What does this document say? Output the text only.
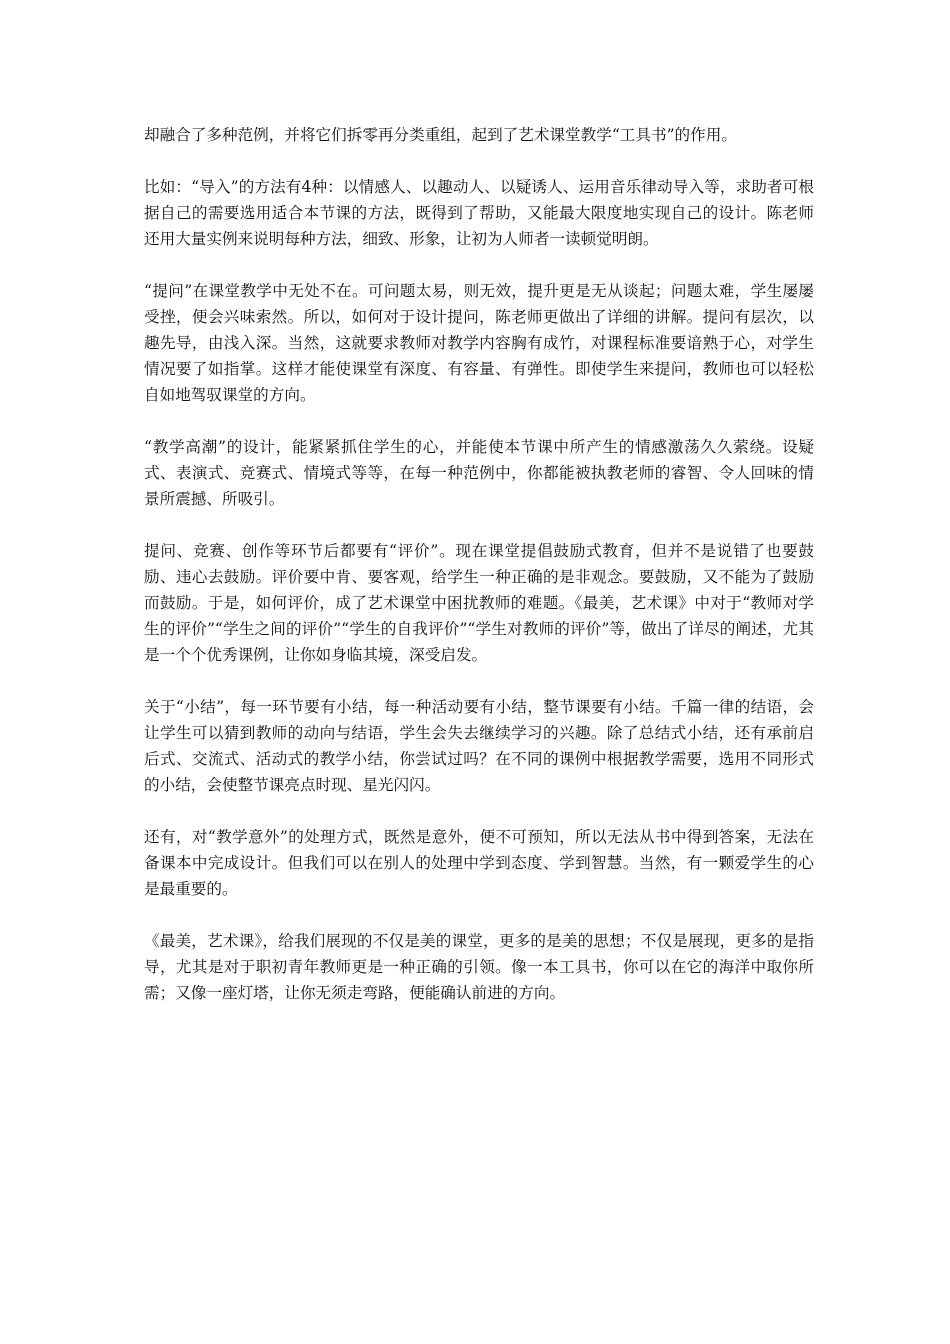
却融合了多种范例，并将它们拆零再分类重组，起到了艺术课堂教学“工具书”的作用。

比如：“导入”的方法有4种：以情感人、以趣动人、以疑诱人、运用音乐律动导入等，求助者可根据自己的需要选用适合本节课的方法，既得到了帮助，又能最大限度地实现自己的设计。陈老师还用大量实例来说明每种方法，细致、形象，让初为人师者一读顿觉明朗。

“提问”在课堂教学中无处不在。可问题太易，则无效，提升更是无从谈起；问题太难，学生屡屡受挫，便会兴味索然。所以，如何对于设计提问，陈老师更做出了详细的讲解。提问有层次，以趣先导，由浅入深。当然，这就要求教师对教学内容胸有成竹，对课程标准要谙熟于心，对学生情况要了如指掌。这样才能使课堂有深度、有容量、有弹性。即使学生来提问，教师也可以轻松自如地驾驭课堂的方向。

“教学高潮”的设计，能紧紧抓住学生的心，并能使本节课中所产生的情感激荡久久萦绕。设疑式、表演式、竞赛式、情境式等等，在每一种范例中，你都能被执教老师的睿智、令人回味的情景所震撼、所吸引。

提问、竞赛、创作等环节后都要有“评价”。现在课堂提倡鼓励式教育，但并不是说错了也要鼓励、违心去鼓励。评价要中肯、要客观，给学生一种正确的是非观念。要鼓励，又不能为了鼓励而鼓励。于是，如何评价，成了艺术课堂中困扰教师的难题。《最美，艺术课》中对于“教师对学生的评价”“学生之间的评价”“学生的自我评价”“学生对教师的评价”等，做出了详尽的阐述，尤其是一个个优秀课例，让你如身临其境，深受启发。

关于“小结”，每一环节要有小结，每一种活动要有小结，整节课要有小结。千篇一律的结语，会让学生可以猜到教师的动向与结语，学生会失去继续学习的兴趣。除了总结式小结，还有承前启后式、交流式、活动式的教学小结，你尝试过吗？在不同的课例中根据教学需要，选用不同形式的小结，会使整节课亮点时现、星光闪闪。

还有，对“教学意外”的处理方式，既然是意外，便不可预知，所以无法从书中得到答案，无法在备课本中完成设计。但我们可以在别人的处理中学到态度、学到智慧。当然，有一颗爱学生的心是最重要的。

《最美，艺术课》，给我们展现的不仅是美的课堂，更多的是美的思想；不仅是展现，更多的是指导，尤其是对于职初青年教师更是一种正确的引领。像一本工具书，你可以在它的海洋中取你所需；又像一座灯塔，让你无须走弯路，便能确认前进的方向。
